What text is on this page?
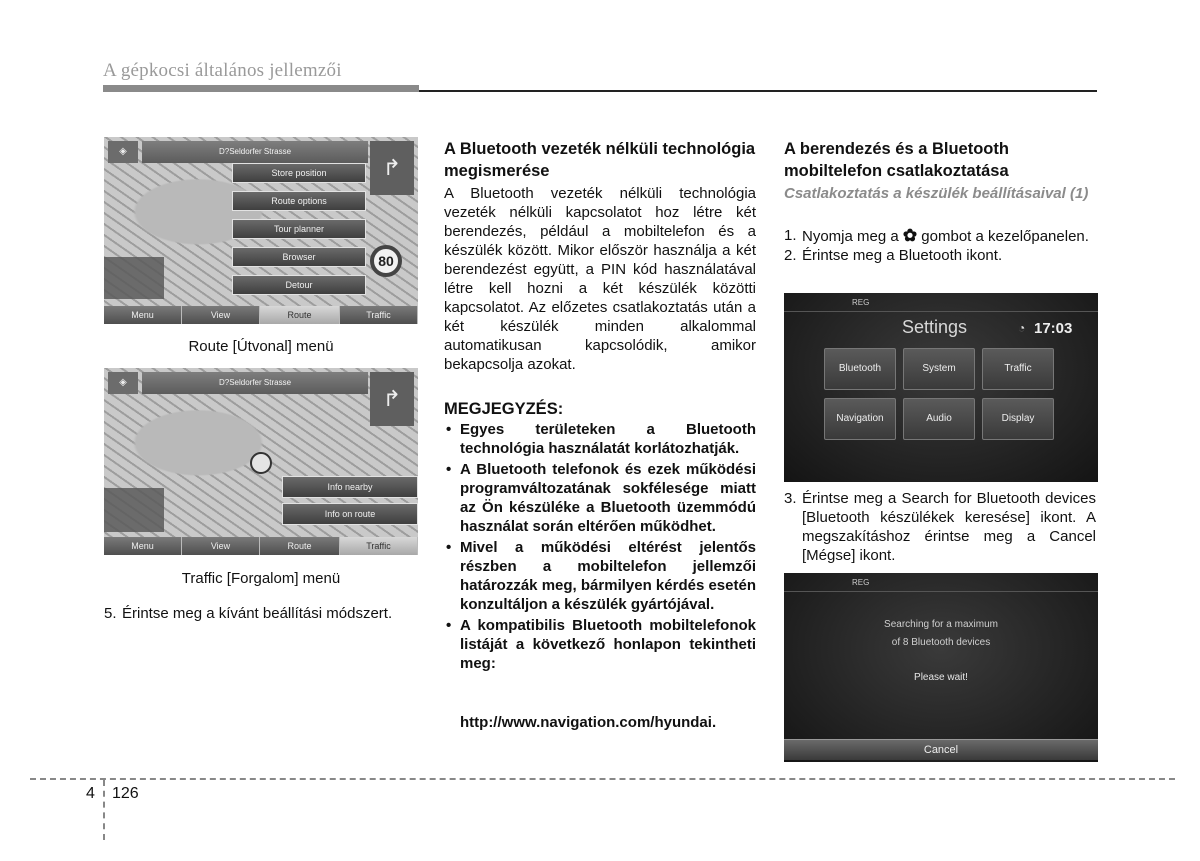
A gépkocsi általános jellemzői
D?Seldorfer Strasse
◈
↱
Store position
Route options
Tour planner
Browser
Detour
80
Menu	View	Route	Traffic
Route [Útvonal] menü
D?Seldorfer Strasse
◈
↱
Info nearby
Info on route
Menu	View	Route	Traffic
Traffic [Forgalom] menü
5. Érintse meg a kívánt beállítási módszert.
A Bluetooth vezeték nélküli technológia megismerése
A Bluetooth vezeték nélküli technológia vezeték nélküli kapcsolatot hoz létre két berendezés, például a mobiltelefon és a készülék között. Mikor először használja a két berendezést együtt, a PIN kód használatával létre kell hozni a két készülék közötti kapcsolatot. Az előzetes csatlakoztatás után a két készülék minden alkalommal automatikusan kapcsolódik, amikor bekapcsolja azokat.
MEGJEGYZÉS:
• Egyes területeken a Bluetooth technológia használatát korlátozhatják.
• A Bluetooth telefonok és ezek működési programváltozatának sokfélesége miatt az Ön készüléke a Bluetooth üzemmódú használat során eltérően működhet.
• Mivel a működési eltérést jelentős részben a mobiltelefon jellemzői határozzák meg, bármilyen kérdés esetén konzultáljon a készülék gyártójával.
• A kompatibilis Bluetooth mobiltelefonok listáját a következő honlapon tekintheti meg:
http://www.navigation.com/hyundai.
A berendezés és a Bluetooth mobiltelefon csatlakoztatása
Csatlakoztatás a készülék beállításaival (1)
1. Nyomja meg a ✿ gombot a kezelőpanelen.
2. Érintse meg a Bluetooth ikont.
REG
Settings	◔ 17:03
Bluetooth	System	Traffic
Navigation	Audio	Display
3. Érintse meg a Search for Bluetooth devices [Bluetooth készülékek keresése] ikont. A megszakításhoz érintse meg a Cancel [Mégse] ikont.
REG
Searching for a maximum
of 8 Bluetooth devices
Please wait!
Cancel
4 126
